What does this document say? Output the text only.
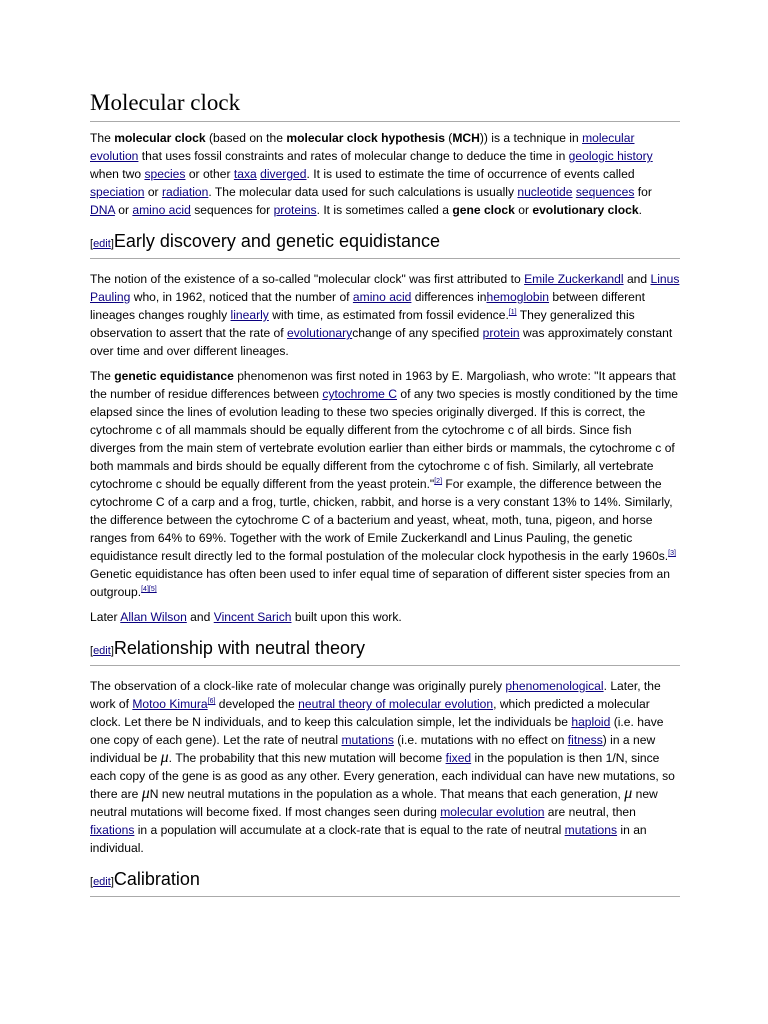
Molecular clock

The molecular clock (based on the molecular clock hypothesis (MCH)) is a technique in molecular evolution that uses fossil constraints and rates of molecular change to deduce the time in geologic history when two species or other taxa diverged. It is used to estimate the time of occurrence of events called speciation or radiation. The molecular data used for such calculations is usually nucleotide sequences for DNA or amino acid sequences for proteins. It is sometimes called a gene clock or evolutionary clock.

[edit]Early discovery and genetic equidistance

The notion of the existence of a so-called "molecular clock" was first attributed to Emile Zuckerkandl and Linus Pauling who, in 1962, noticed that the number of amino acid differences inhemoglobin between different lineages changes roughly linearly with time, as estimated from fossil evidence.[1] They generalized this observation to assert that the rate of evolutionarychange of any specified protein was approximately constant over time and over different lineages.

The genetic equidistance phenomenon was first noted in 1963 by E. Margoliash, who wrote: "It appears that the number of residue differences between cytochrome C of any two species is mostly conditioned by the time elapsed since the lines of evolution leading to these two species originally diverged. If this is correct, the cytochrome c of all mammals should be equally different from the cytochrome c of all birds. Since fish diverges from the main stem of vertebrate evolution earlier than either birds or mammals, the cytochrome c of both mammals and birds should be equally different from the cytochrome c of fish. Similarly, all vertebrate cytochrome c should be equally different from the yeast protein."[2] For example, the difference between the cytochrome C of a carp and a frog, turtle, chicken, rabbit, and horse is a very constant 13% to 14%. Similarly, the difference between the cytochrome C of a bacterium and yeast, wheat, moth, tuna, pigeon, and horse ranges from 64% to 69%. Together with the work of Emile Zuckerkandl and Linus Pauling, the genetic equidistance result directly led to the formal postulation of the molecular clock hypothesis in the early 1960s.[3] Genetic equidistance has often been used to infer equal time of separation of different sister species from an outgroup.[4][5]

Later Allan Wilson and Vincent Sarich built upon this work.

[edit]Relationship with neutral theory

The observation of a clock-like rate of molecular change was originally purely phenomenological. Later, the work of Motoo Kimura[6] developed the neutral theory of molecular evolution, which predicted a molecular clock. Let there be N individuals, and to keep this calculation simple, let the individuals be haploid (i.e. have one copy of each gene). Let the rate of neutral mutations (i.e. mutations with no effect on fitness) in a new individual be μ. The probability that this new mutation will become fixed in the population is then 1/N, since each copy of the gene is as good as any other. Every generation, each individual can have new mutations, so there are μN new neutral mutations in the population as a whole. That means that each generation, μ new neutral mutations will become fixed. If most changes seen during molecular evolution are neutral, then fixations in a population will accumulate at a clock-rate that is equal to the rate of neutral mutations in an individual.

[edit]Calibration
